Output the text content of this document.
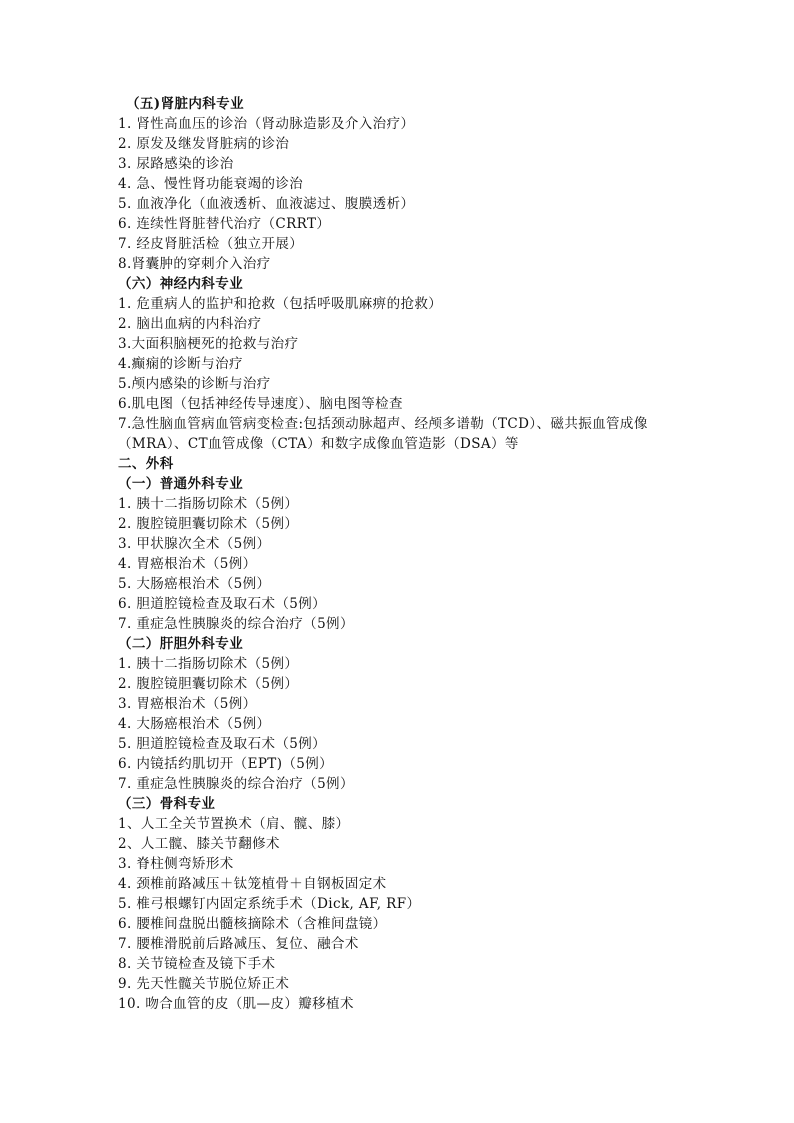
（五)肾脏内科专业
1. 肾性高血压的诊治（肾动脉造影及介入治疗）
2. 原发及继发肾脏病的诊治
3. 尿路感染的诊治
4. 急、慢性肾功能衰竭的诊治
5. 血液净化（血液透析、血液滤过、腹膜透析）
6. 连续性肾脏替代治疗（CRRT）
7. 经皮肾脏活检（独立开展）
8.肾囊肿的穿刺介入治疗
（六）神经内科专业
1. 危重病人的监护和抢救（包括呼吸肌麻痹的抢救）
2. 脑出血病的内科治疗
3.大面积脑梗死的抢救与治疗
4.癫痫的诊断与治疗
5.颅内感染的诊断与治疗
6.肌电图（包括神经传导速度）、脑电图等检查
7.急性脑血管病血管病变检查:包括颈动脉超声、经颅多谱勒（TCD）、磁共振血管成像（MRA）、CT血管成像（CTA）和数字成像血管造影（DSA）等
二、外科
（一）普通外科专业
1. 胰十二指肠切除术（5例）
2. 腹腔镜胆囊切除术（5例）
3. 甲状腺次全术（5例）
4. 胃癌根治术（5例）
5. 大肠癌根治术（5例）
6. 胆道腔镜检查及取石术（5例）
7. 重症急性胰腺炎的综合治疗（5例）
（二）肝胆外科专业
1. 胰十二指肠切除术（5例）
2. 腹腔镜胆囊切除术（5例）
3. 胃癌根治术（5例）
4. 大肠癌根治术（5例）
5. 胆道腔镜检查及取石术（5例）
6. 内镜括约肌切开（EPT)（5例）
7. 重症急性胰腺炎的综合治疗（5例）
（三）骨科专业
1、人工全关节置换术（肩、髋、膝）
2、人工髋、膝关节翻修术
3. 脊柱侧弯矫形术
4. 颈椎前路减压＋钛笼植骨＋自钢板固定术
5. 椎弓根螺钉内固定系统手术（Dick, AF, RF）
6. 腰椎间盘脱出髓核摘除术（含椎间盘镜）
7. 腰椎滑脱前后路减压、复位、融合术
8. 关节镜检查及镜下手术
9. 先天性髋关节脱位矫正术
10. 吻合血管的皮（肌—皮）瓣移植术
